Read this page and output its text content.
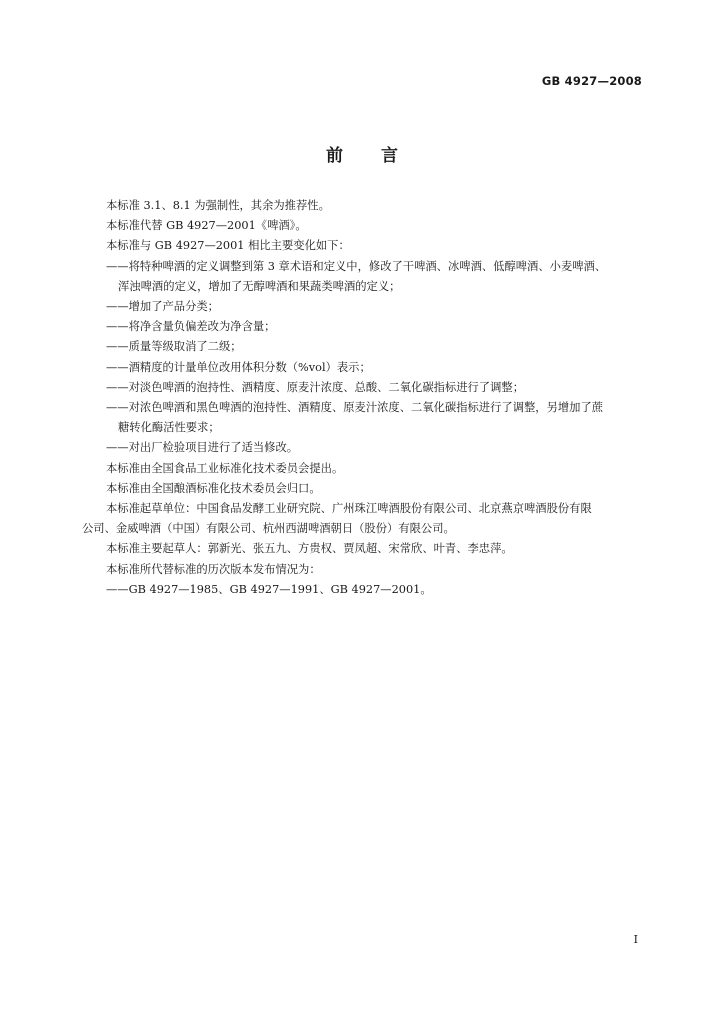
GB 4927—2008
前言

本标准 3.1、8.1 为强制性，其余为推荐性。

本标准代替 GB 4927—2001《啤酒》。

本标准与 GB 4927—2001 相比主要变化如下：

——将特种啤酒的定义调整到第 3 章术语和定义中，修改了干啤酒、冰啤酒、低醇啤酒、小麦啤酒、

浑浊啤酒的定义，增加了无醇啤酒和果蔬类啤酒的定义；

——增加了产品分类；

——将净含量负偏差改为净含量；

——质量等级取消了二级；

——酒精度的计量单位改用体积分数（%vol）表示；

——对淡色啤酒的泡持性、酒精度、原麦汁浓度、总酸、二氧化碳指标进行了调整；

——对浓色啤酒和黑色啤酒的泡持性、酒精度、原麦汁浓度、二氧化碳指标进行了调整，另增加了蔗

糖转化酶活性要求；

——对出厂检验项目进行了适当修改。

本标准由全国食品工业标准化技术委员会提出。

本标准由全国酿酒标准化技术委员会归口。

本标准起草单位：中国食品发酵工业研究院、广州珠江啤酒股份有限公司、北京燕京啤酒股份有限

公司、金威啤酒（中国）有限公司、杭州西湖啤酒朝日（股份）有限公司。

本标准主要起草人：郭新光、张五九、方贵权、贾凤超、宋常欣、叶青、李忠萍。

本标准所代替标准的历次版本发布情况为：

——GB 4927—1985、GB 4927—1991、GB 4927—2001。

I
